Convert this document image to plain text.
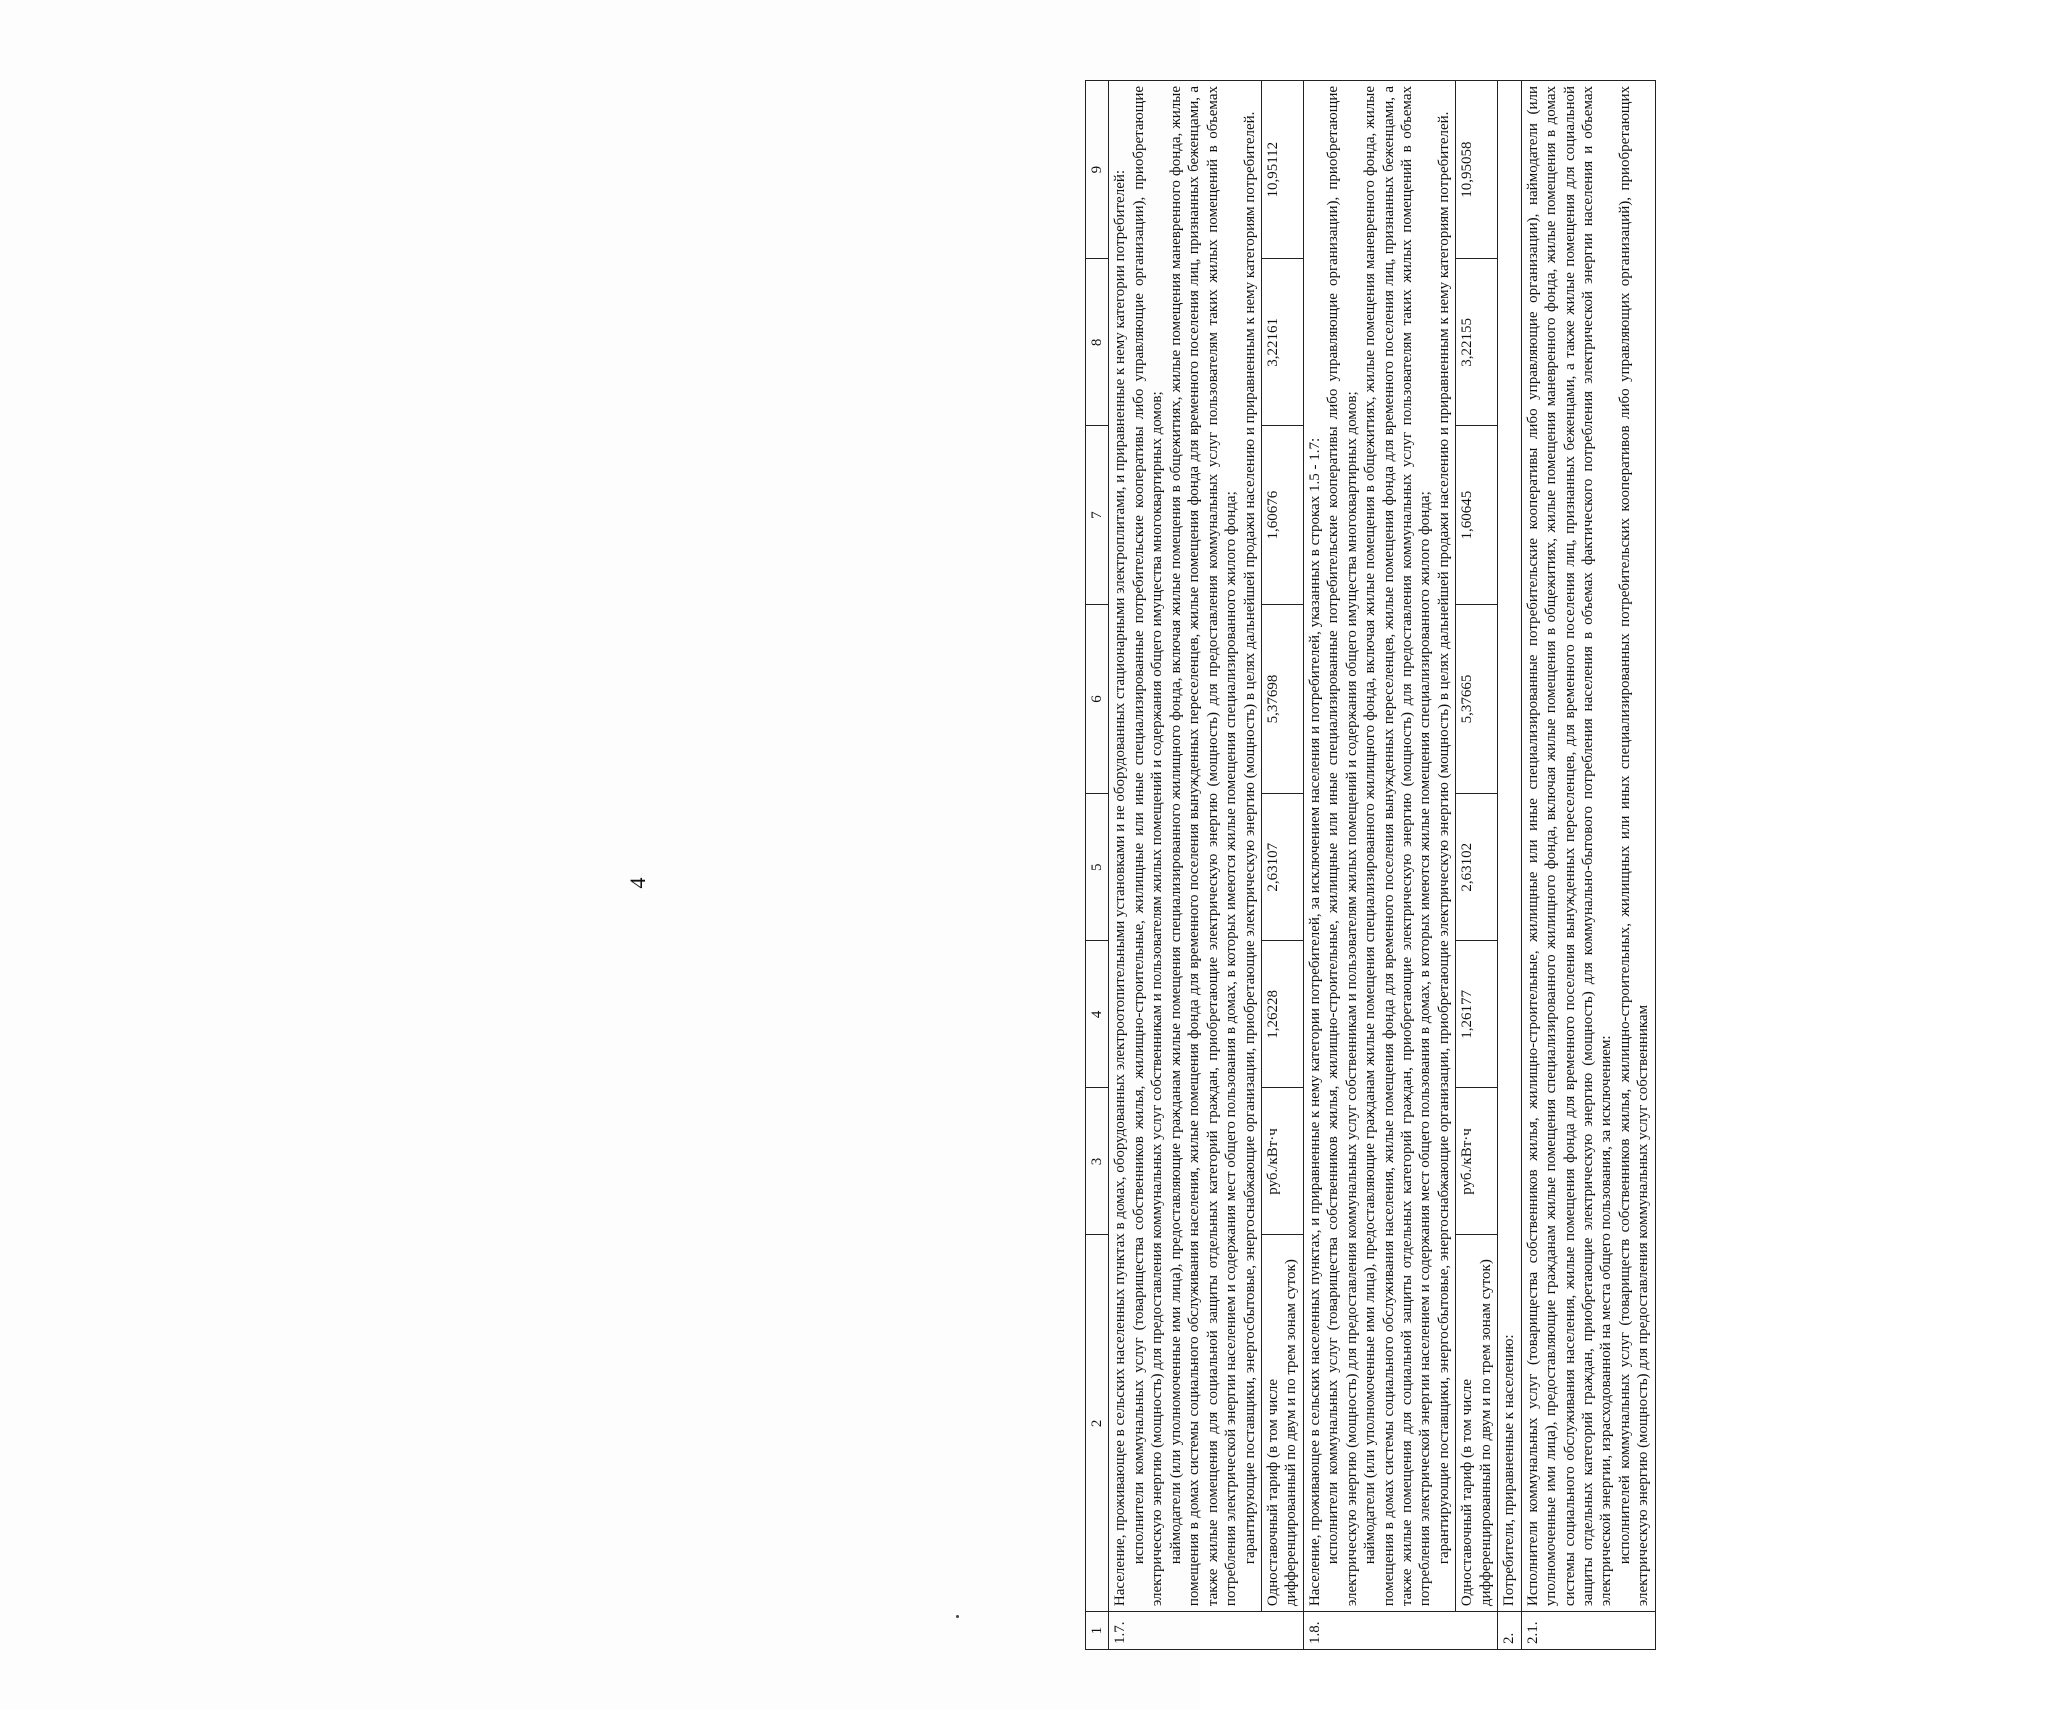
4
1	2	3	4	5	6	7	8	9
1.7.	Население, проживающее в сельских населенных пунктах в домах, оборудованных электроотопительными установками и не оборудованных стационарными электроплитами, и приравненные к нему категории потребителей: исполнители коммунальных услуг (товарищества собственников жилья, жилищно-строительные, жилищные или иные специализированные потребительские кооперативы либо управляющие организации), приобретающие электрическую энергию (мощность) для предоставления коммунальных услуг собственникам и пользователям жилых помещений и содержания общего имущества многоквартирных домов; наймодатели (или уполномоченные ими лица), предоставляющие гражданам жилые помещения специализированного жилищного фонда, включая жилые помещения в общежитиях, жилые помещения маневренного фонда, жилые помещения в домах системы социального обслуживания населения, жилые помещения фонда для временного поселения вынужденных переселенцев, жилые помещения фонда для временного поселения лиц, признанных беженцами, а также жилые помещения для социальной защиты отдельных категорий граждан, приобретающие электрическую энергию (мощность) для предоставления коммунальных услуг пользователям таких жилых помещений в объемах потребления электрической энергии населением и содержания мест общего пользования в домах, в которых имеются жилые помещения специализированного жилого фонда; гарантирующие поставщики, энергосбытовые, энергоснабжающие организации, приобретающие электрическую энергию (мощность) в целях дальнейшей продажи населению и приравненным к нему категориям потребителей.							

	Одноставочный тариф (в том числе дифференцированный по двум и по трем зонам суток)	руб./кВт·ч	1,26228	2,63107	5,37698	1,60676	3,22161	10,95112
1.8.	Население, проживающее в сельских населенных пунктах, и приравненные к нему категории потребителей, за исключением населения и потребителей, указанных в строках 1.5 - 1.7: исполнители коммунальных услуг (товарищества собственников жилья, жилищно-строительные, жилищные или иные специализированные потребительские кооперативы либо управляющие организации), приобретающие электрическую энергию (мощность) для предоставления коммунальных услуг собственникам и пользователям жилых помещений и содержания общего имущества многоквартирных домов; наймодатели (или уполномоченные ими лица), предоставляющие гражданам жилые помещения специализированного жилищного фонда, включая жилые помещения в общежитиях, жилые помещения маневренного фонда, жилые помещения в домах системы социального обслуживания населения, жилые помещения фонда для временного поселения вынужденных переселенцев, жилые помещения фонда для временного поселения лиц, признанных беженцами, а также жилые помещения для социальной защиты отдельных категорий граждан, приобретающие электрическую энергию (мощность) для предоставления коммунальных услуг пользователям таких жилых помещений в объемах потребления электрической энергии населением и содержания мест общего пользования в домах, в которых имеются жилые помещения специализированного жилого фонда; гарантирующие поставщики, энергосбытовые, энергоснабжающие организации, приобретающие электрическую энергию (мощность) в целях дальнейшей продажи населению и приравненным к нему категориям потребителей.							

	Одноставочный тариф (в том числе дифференцированный по двум и по трем зонам суток)	руб./кВт·ч	1,26177	2,63102	5,37665	1,60645	3,22155	10,95058
2.	Потребители, приравненные к населению:							
2.1.	Исполнители коммунальных услуг (товарищества собственников жилья, жилищно-строительные, жилищные или иные специализированные потребительские кооперативы либо управляющие организации), наймодатели (или уполномоченные ими лица), предоставляющие гражданам жилые помещения специализированного жилищного фонда, включая жилые помещения в общежитиях, жилые помещения маневренного фонда, жилые помещения в домах системы социального обслуживания населения, жилые помещения фонда для временного поселения вынужденных переселенцев, для временного поселения лиц, признанных беженцами, а также жилые помещения для социальной защиты отдельных категорий граждан, приобретающие электрическую энергию (мощность) для коммунально-бытового потребления населения в объемах фактического потребления электрической энергии населения и объемах электрической энергии, израсходованной на места общего пользования, за исключением: исполнителей коммунальных услуг (товариществ собственников жилья, жилищно-строительных, жилищных или иных специализированных потребительских кооперативов либо управляющих организаций), приобретающих электрическую энергию (мощность) для предоставления коммунальных услуг собственникам							
